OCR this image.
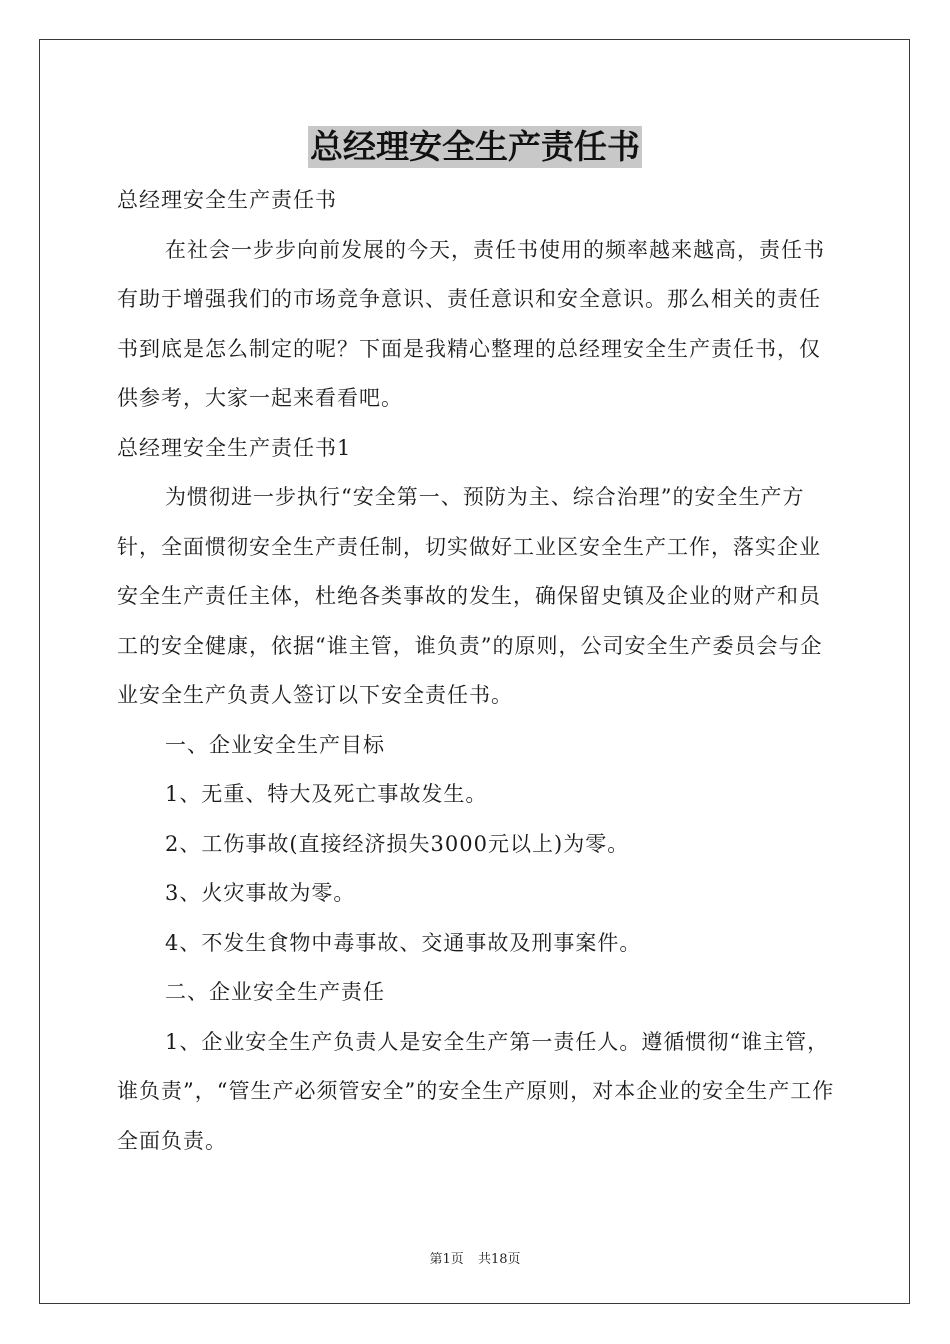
总经理安全生产责任书

总经理安全生产责任书

在社会一步步向前发展的今天，责任书使用的频率越来越高，责任书有助于增强我们的市场竞争意识、责任意识和安全意识。那么相关的责任书到底是怎么制定的呢？下面是我精心整理的总经理安全生产责任书，仅供参考，大家一起来看看吧。

总经理安全生产责任书1

为惯彻进一步执行“安全第一、预防为主、综合治理”的安全生产方针，全面惯彻安全生产责任制，切实做好工业区安全生产工作，落实企业安全生产责任主体，杜绝各类事故的发生，确保留史镇及企业的财产和员工的安全健康，依据“谁主管，谁负责”的原则，公司安全生产委员会与企业安全生产负责人签订以下安全责任书。

一、企业安全生产目标

1、无重、特大及死亡事故发生。

2、工伤事故(直接经济损失3000元以上)为零。

3、火灾事故为零。

4、不发生食物中毒事故、交通事故及刑事案件。

二、企业安全生产责任

1、企业安全生产负责人是安全生产第一责任人。遵循惯彻“谁主管，谁负责”，“管生产必须管安全”的安全生产原则，对本企业的安全生产工作全面负责。

第1页 共18页
